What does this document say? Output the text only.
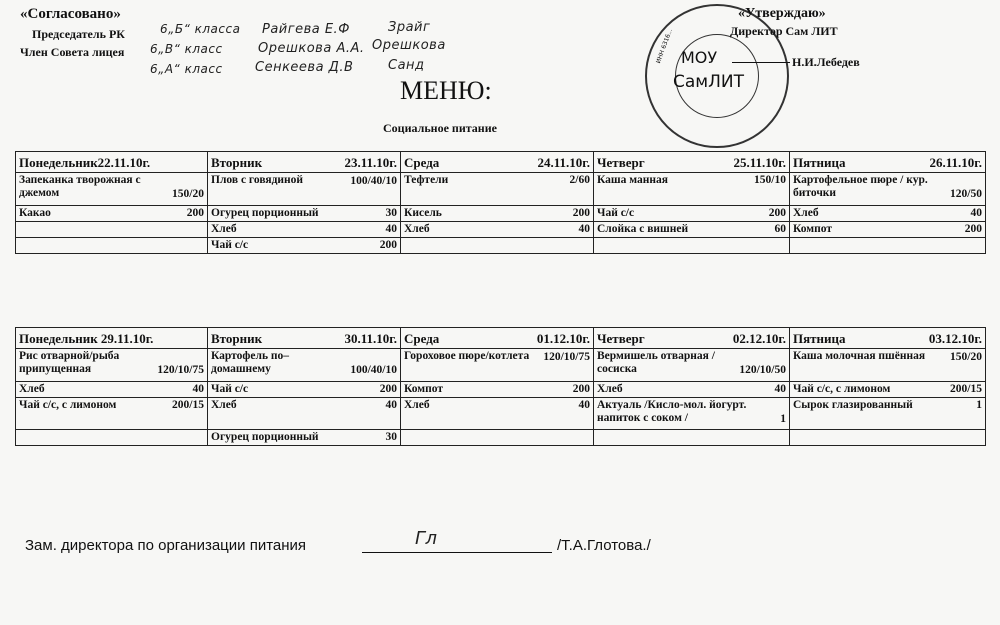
«Согласовано»
Председатель РК	6„Б“ класса Райгева Е.Ф	Зрайг
Член Совета лицея 6„В“ класс	Орешкова А.А. Орешкова
6„А“ класс Сенкеева Д.В	Санд
ИНН 6316... МОУ
СамЛИТ
«Утверждаю»
Директор Сам ЛИТ
Н.И.Лебедев
МЕНЮ:
Социальное питание
Понедельник22.11.10г.	Вторник 23.11.10г.	Среда 24.11.10г.	Четверг 25.11.10г.	Пятница 26.11.10г.

Запеканка творожная с джемом 150/20	Плов с говядиной 100/40/10	Тефтели 2/60	Каша манная 150/10	Картофельное пюре / кур. биточки 120/50

Какао 200	Огурец порционный 30	Кисель 200	Чай с/с 200	Хлеб 40

	Хлеб 40	Хлеб 40	Слойка с вишней 60	Компот 200

	Чай с/с 200			

Понедельник 29.11.10г.	Вторник 30.11.10г.	Среда 01.12.10г.	Четверг 02.12.10г.	Пятница 03.12.10г.

Рис отварной/рыба припущенная 120/10/75	Картофель по–домашнему 100/40/10	Гороховое пюре/котлета 120/10/75	Вермишель отварная / сосиска 120/10/50	Каша молочная пшённая 150/20

Хлеб 40	Чай с/с 200	Компот 200	Хлеб 40	Чай с/с, с лимоном 200/15

Чай с/с, с лимоном 200/15	Хлеб 40	Хлеб 40	Актуаль /Кисло-мол. йогурт. напиток с соком / 1	Сырок глазированный 1

	Огурец порционный 30			

Зам. директора по организации питания	Гл	/Т.А.Глотова./
